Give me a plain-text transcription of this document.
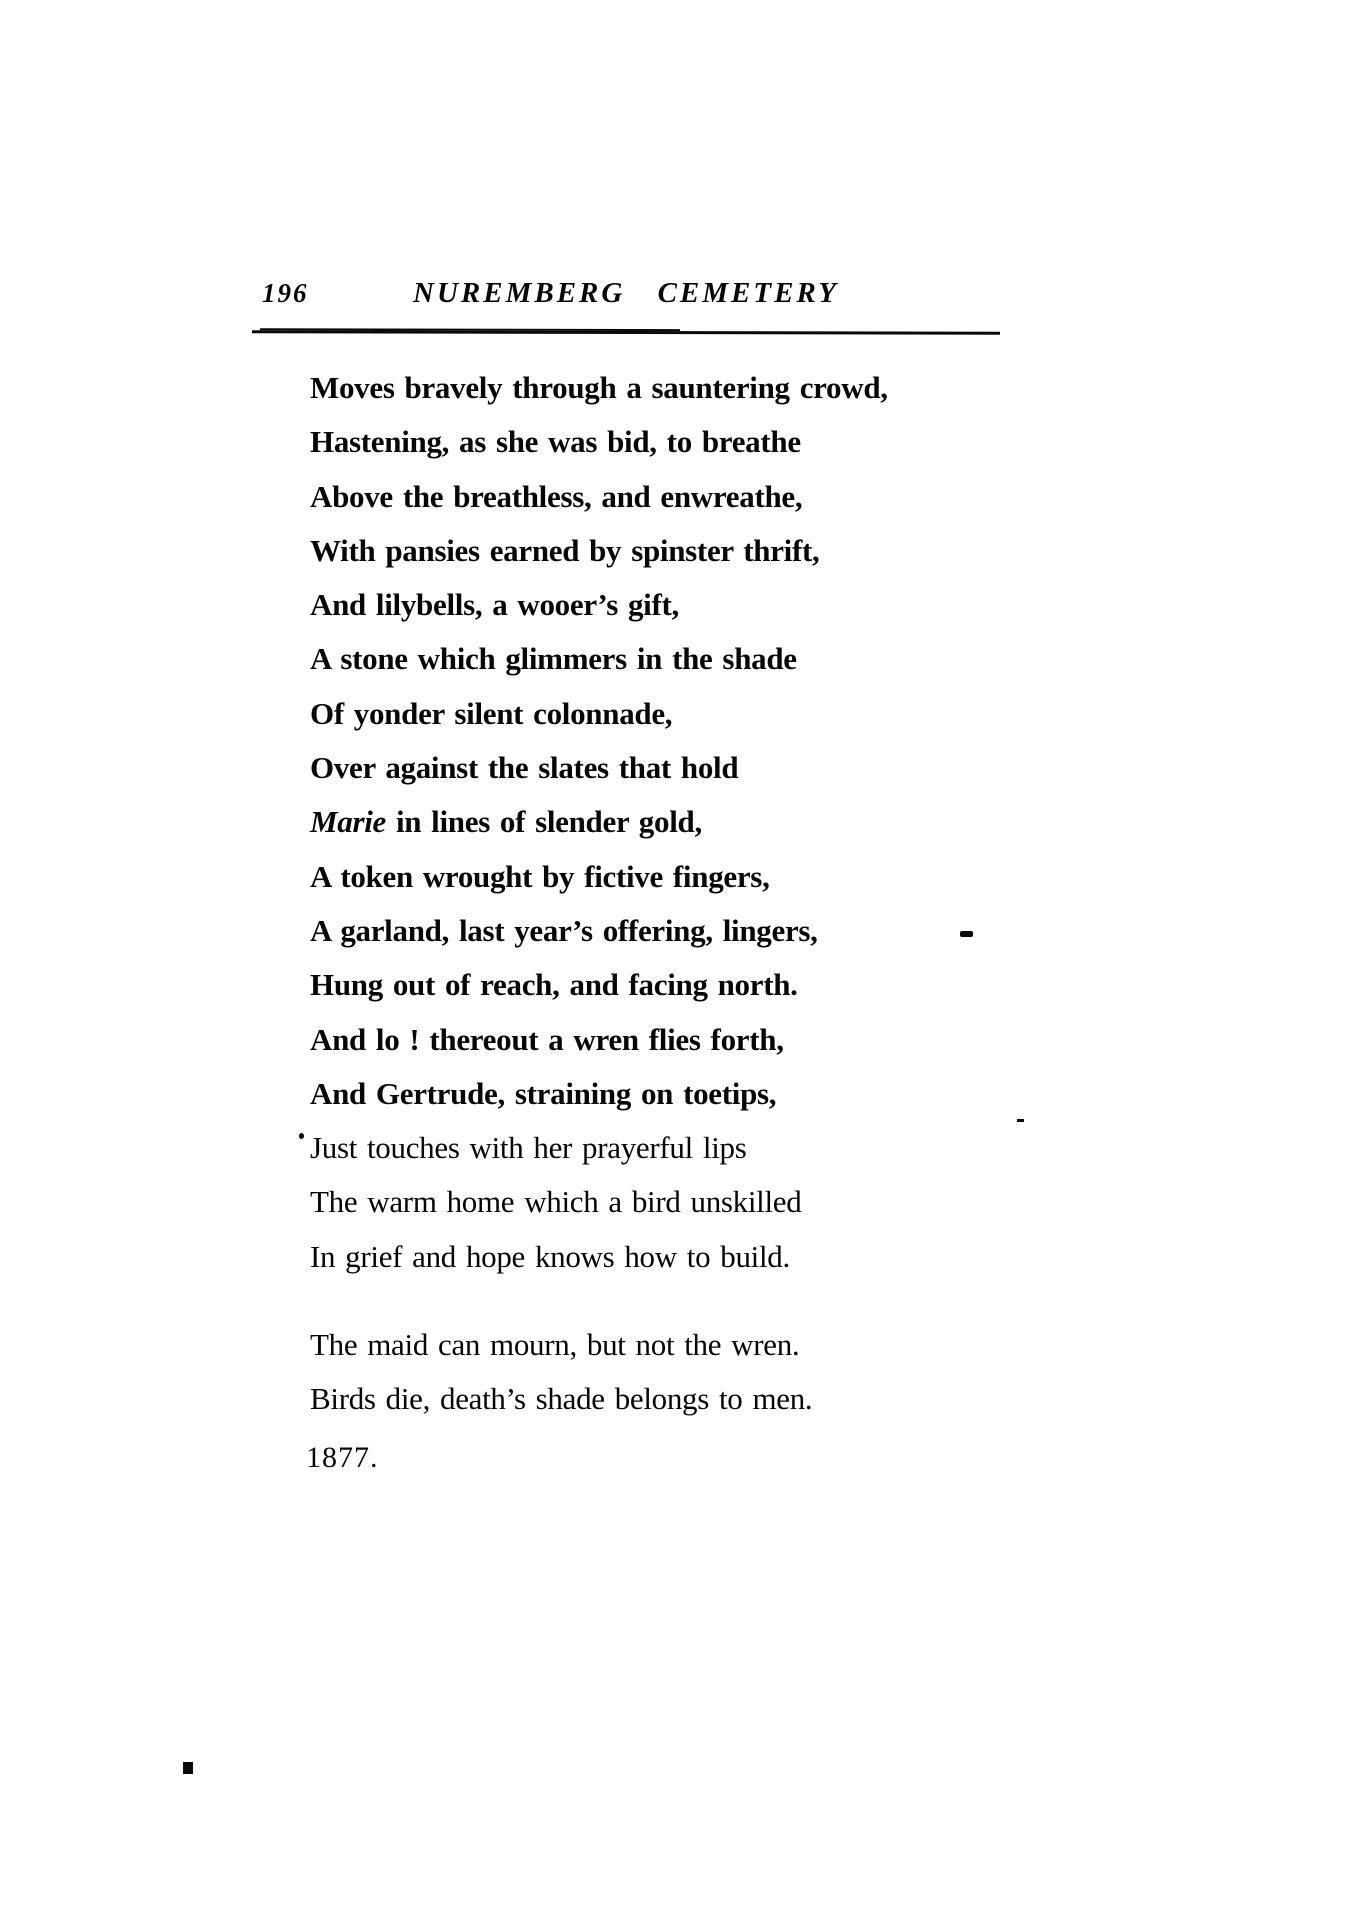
196	NUREMBERG CEMETERY
Moves bravely through a sauntering crowd,
Hastening, as she was bid, to breathe
Above the breathless, and enwreathe,
With pansies earned by spinster thrift,
And lilybells, a wooer’s gift,
A stone which glimmers in the shade
Of yonder silent colonnade,
Over against the slates that hold
Marie in lines of slender gold,
A token wrought by fictive fingers,
A garland, last year’s offering, lingers,
Hung out of reach, and facing north.
And lo ! thereout a wren flies forth,
And Gertrude, straining on toetips,
Just touches with her prayerful lips
The warm home which a bird unskilled
In grief and hope knows how to build.
The maid can mourn, but not the wren.
Birds die, death’s shade belongs to men.
1877.
